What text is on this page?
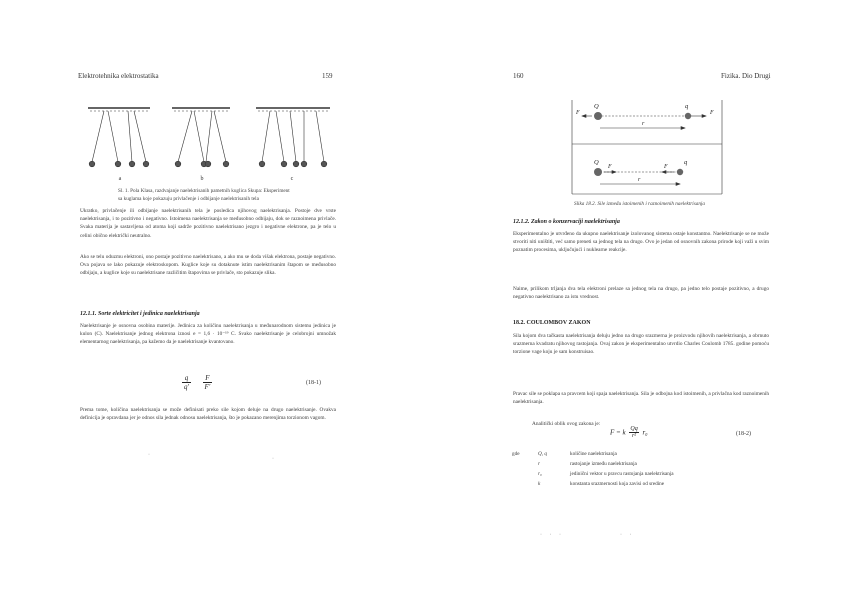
Elektrotehnika elektrostatika	159
a	b	c
Sl. 1. Pola Klasa, razdvajanje naelektrisanih pametnih kuglica Skupa: Eksperiment
sa kuglama koje pokazuju privlačenje i odbijanje naelektrisanih tela
Ukratko, privlačenje ili odbijanje naelektrisanih tela je posledica njihovog naelektrisanja. Postoje dve vrste naelektrisanja, i to pozitivno i negativno. Istoimena naelektrisanja se međusobno odbijaju, dok se raznoimena privlače. Svaka materija je sastavljena od atoma koji sadrže pozitivno naelektrisano jezgro i negativne elektrone, pa je telo u celini obično električki neutralno.
Ako se telu oduzmu elektroni, ono postaje pozitivno naelektrisano, a ako mu se doda višak elektrona, postaje negativno. Ova pojava se lako pokazuje elektroskopom. Kuglice koje su dotaknute istim naelektrisanim štapom se međusobno odbijaju, a kuglice koje su naelektrisane različitim štapovima se privlače, sto pokazuje slika.
12.1.1. Sorte elektricitet i jedinica naelektrisanja
Naelektrisanje je osnovna osobina materije. Jedinica za količinu naelektrisanja u međunarodnom sistemu jedinica je kulon (C). Naelektrisanje jednog elektrona iznosi e = 1,6 · 10⁻¹⁹ C. Svako naelektrisanje je celobrojni umnožak elementarnog naelektrisanja, pa kažemo da je naelektrisanje kvantovano.
$\frac{q}{q'}$
$\frac{F}{F'}$	(18-1)
Prema tome, količina naelektrisanja se može definisati preko sile kojom deluje na drugo naelektrisanje. Ovakva definicija je opravdana jer je odnos sila jednak odnosu naelektrisanja, što je pokazano merenjima torzionom vagom.
·
·
160	Fizika. Dio Drugi
Q	q
F	F
r
Q	q
F	F
r
Slika 18.2. Sile između istoimenih i raznoimenih naelektrisanja
12.1.2. Zakon o konzervaciji naelektrisanja
Eksperimentalno je utvrđeno da ukupno naelektrisanje izolovanog sistema ostaje konstantno. Naelektrisanje se ne može stvoriti niti uništiti, već samo preneti sa jednog tela na drugo. Ovo je jedan od osnovnih zakona prirode koji važi u svim poznatim procesima, uključujući i nuklearne reakcije.
Naime, prilikom trljanja dva tela elektroni prelaze sa jednog tela na drugo, pa jedno telo postaje pozitivno, a drugo negativno naelektrisano za istu vrednost.
18.2. COULOMBOV ZAKON
Sila kojom dva tačkasta naelektrisanja deluju jedno na drugo srazmerna je proizvodu njihovih naelektrisanja, a obrnuto srazmerna kvadratu njihovog rastojanja. Ovaj zakon je eksperimentalno utvrdio Charles Coulomb 1785. godine pomoću torzione vage koju je sam konstruisao.
Pravac sile se poklapa sa pravcem koji spaja naelektrisanja. Sila je odbojna kod istoimenih, a privlačna kod raznoimenih naelektrisanja.
Analitički oblik ovog zakona je:
F = k $\frac{Qq}{\text{r²}} r_0$	(18-2)
gde	Q, q	količine naelektrisanja
r	rastojanje između naelektrisanja
r₀	jedinični vektor u pravcu rastojanja naelektrisanja
k	konstanta srazmernosti koja zavisi od sredine
· · ·	· ·
